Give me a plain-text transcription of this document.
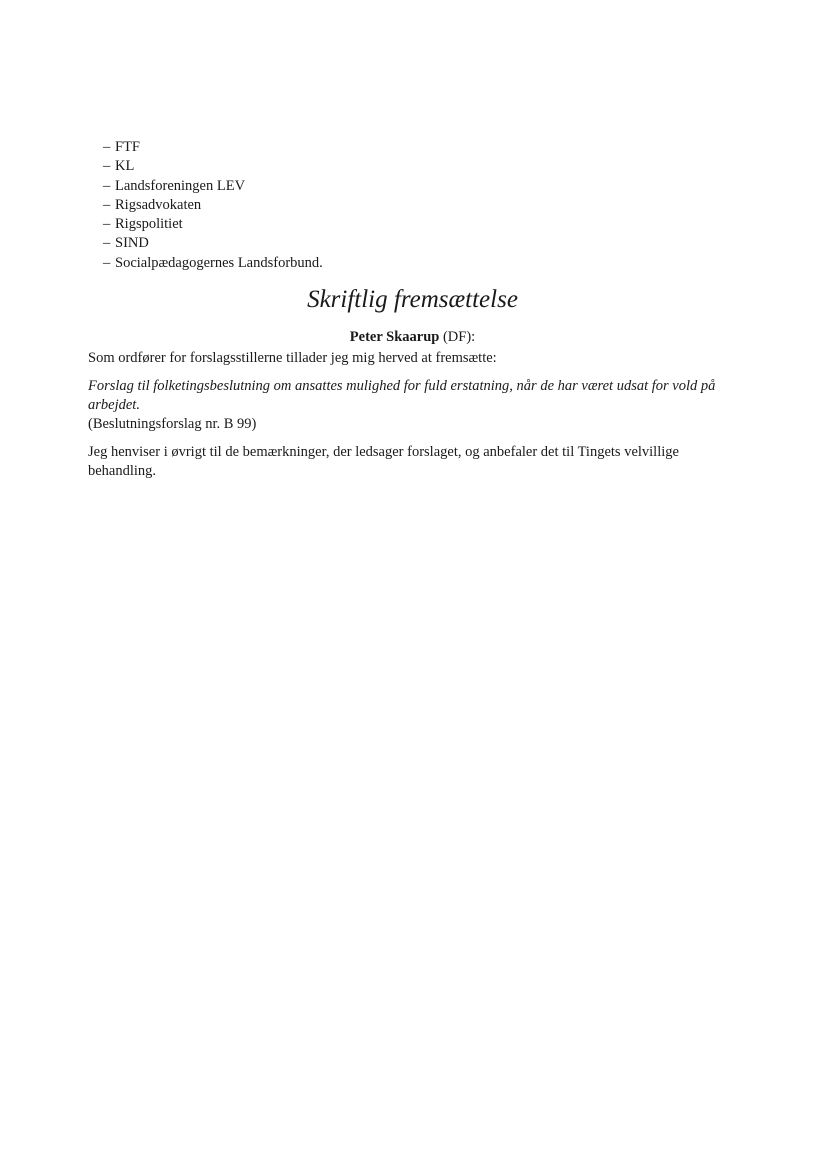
– FTF
– KL
– Landsforeningen LEV
– Rigsadvokaten
– Rigspolitiet
– SIND
– Socialpædagogernes Landsforbund.
Skriftlig fremsættelse
Peter Skaarup (DF):

Som ordfører for forslagsstillerne tillader jeg mig herved at fremsætte:

Forslag til folketingsbeslutning om ansattes mulighed for fuld erstatning, når de har været udsat for vold på arbejdet.

(Beslutningsforslag nr. B 99)

Jeg henviser i øvrigt til de bemærkninger, der ledsager forslaget, og anbefaler det til Tingets velvillige behandling.
